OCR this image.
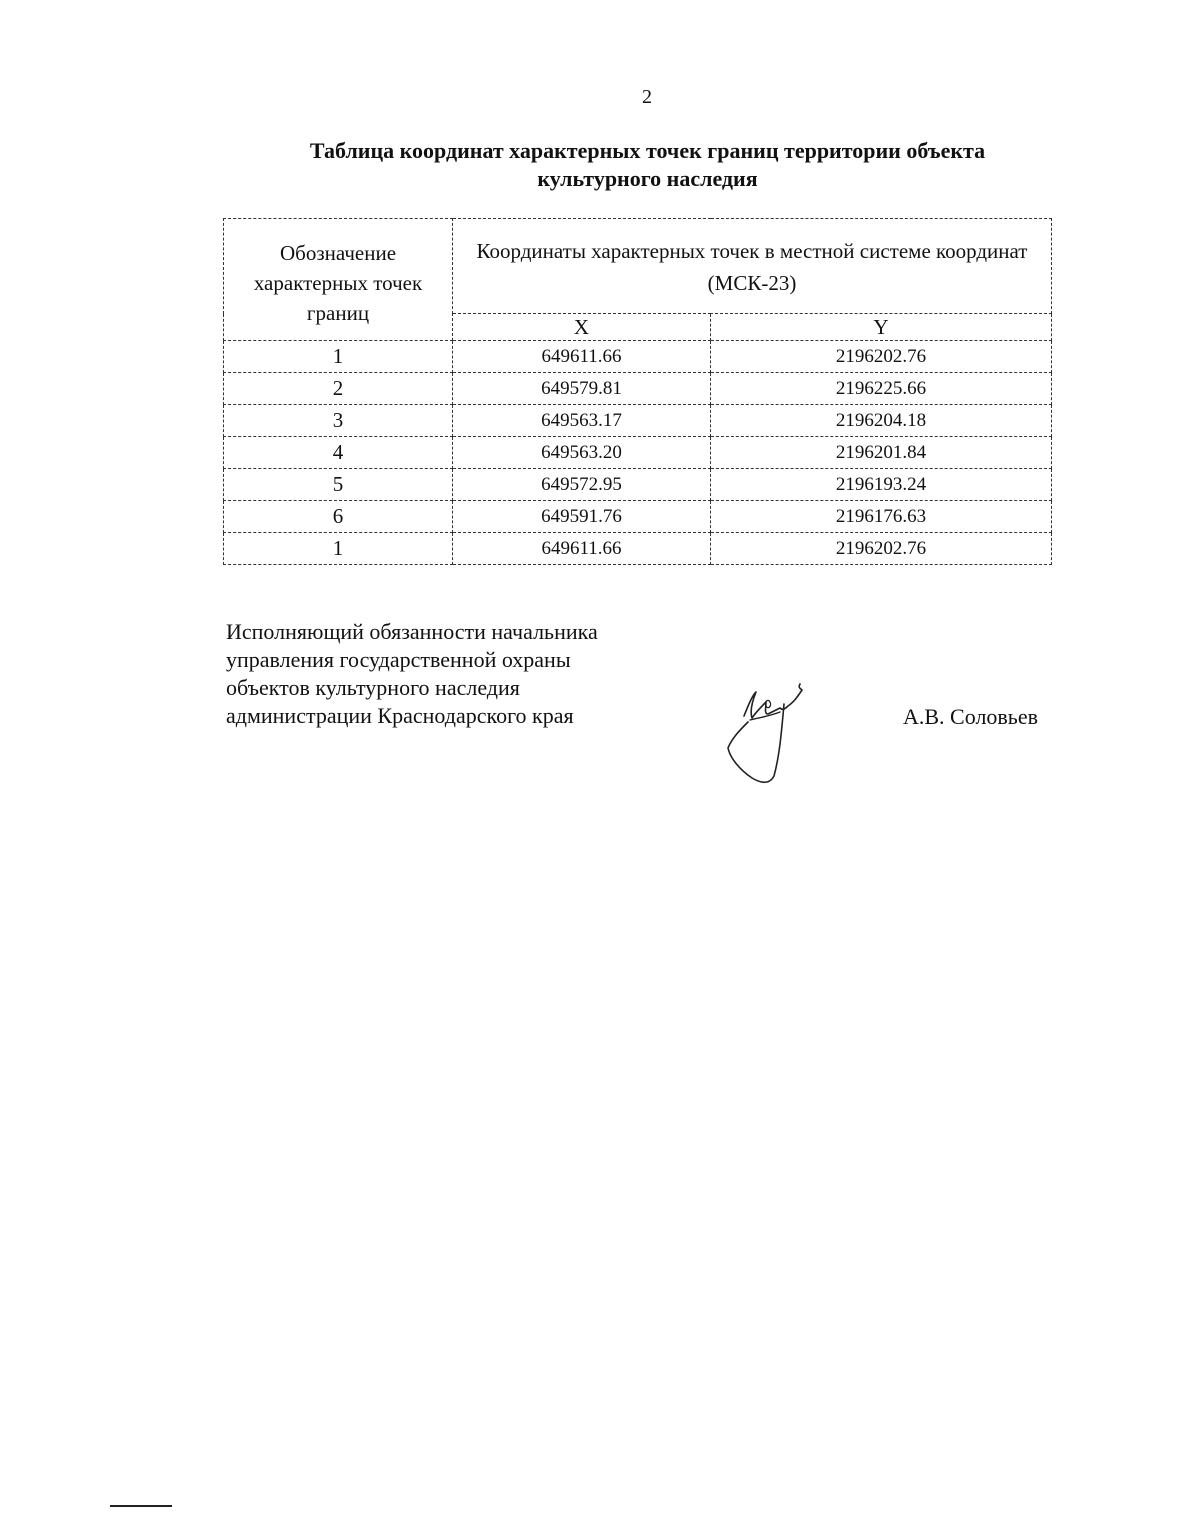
2
Таблица координат характерных точек границ территории объекта
культурного наследия
Обозначение характерных точек границ	Координаты характерных точек в местной системе координат (МСК-23)	
	X	Y
1	649611.66	2196202.76
2	649579.81	2196225.66
3	649563.17	2196204.18
4	649563.20	2196201.84
5	649572.95	2196193.24
6	649591.76	2196176.63
1	649611.66	2196202.76
Исполняющий обязанности начальника
управления государственной охраны
объектов культурного наследия
администрации Краснодарского края	А.В. Соловьев
